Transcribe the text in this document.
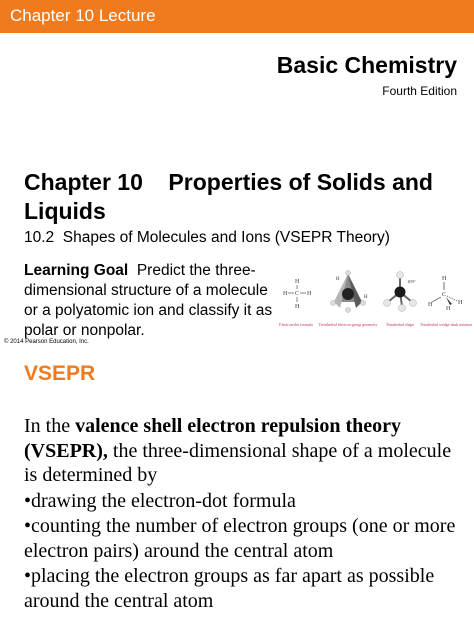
Chapter 10 Lecture
Basic Chemistry
Fourth Edition
Chapter 10    Properties of Solids and Liquids
10.2  Shapes of Molecules and Ions (VSEPR Theory)
Learning Goal  Predict the three-dimensional structure of a molecule or a polyatomic ion and classify it as polar or nonpolar.
© 2014 Pearson Education, Inc.
H
H C H
H
H
H
109°	H
C
H
H
H
Electron-dot formula Tetrahedral electron-group geometry Tetrahedral shape Tetrahedral wedge-dash notation
VSEPR

In the valence shell electron repulsion theory (VSEPR), the three-dimensional shape of a molecule is determined by

•drawing the electron-dot formula

•counting the number of electron groups (one or more electron pairs) around the central atom

•placing the electron groups as far apart as possible around the central atom
